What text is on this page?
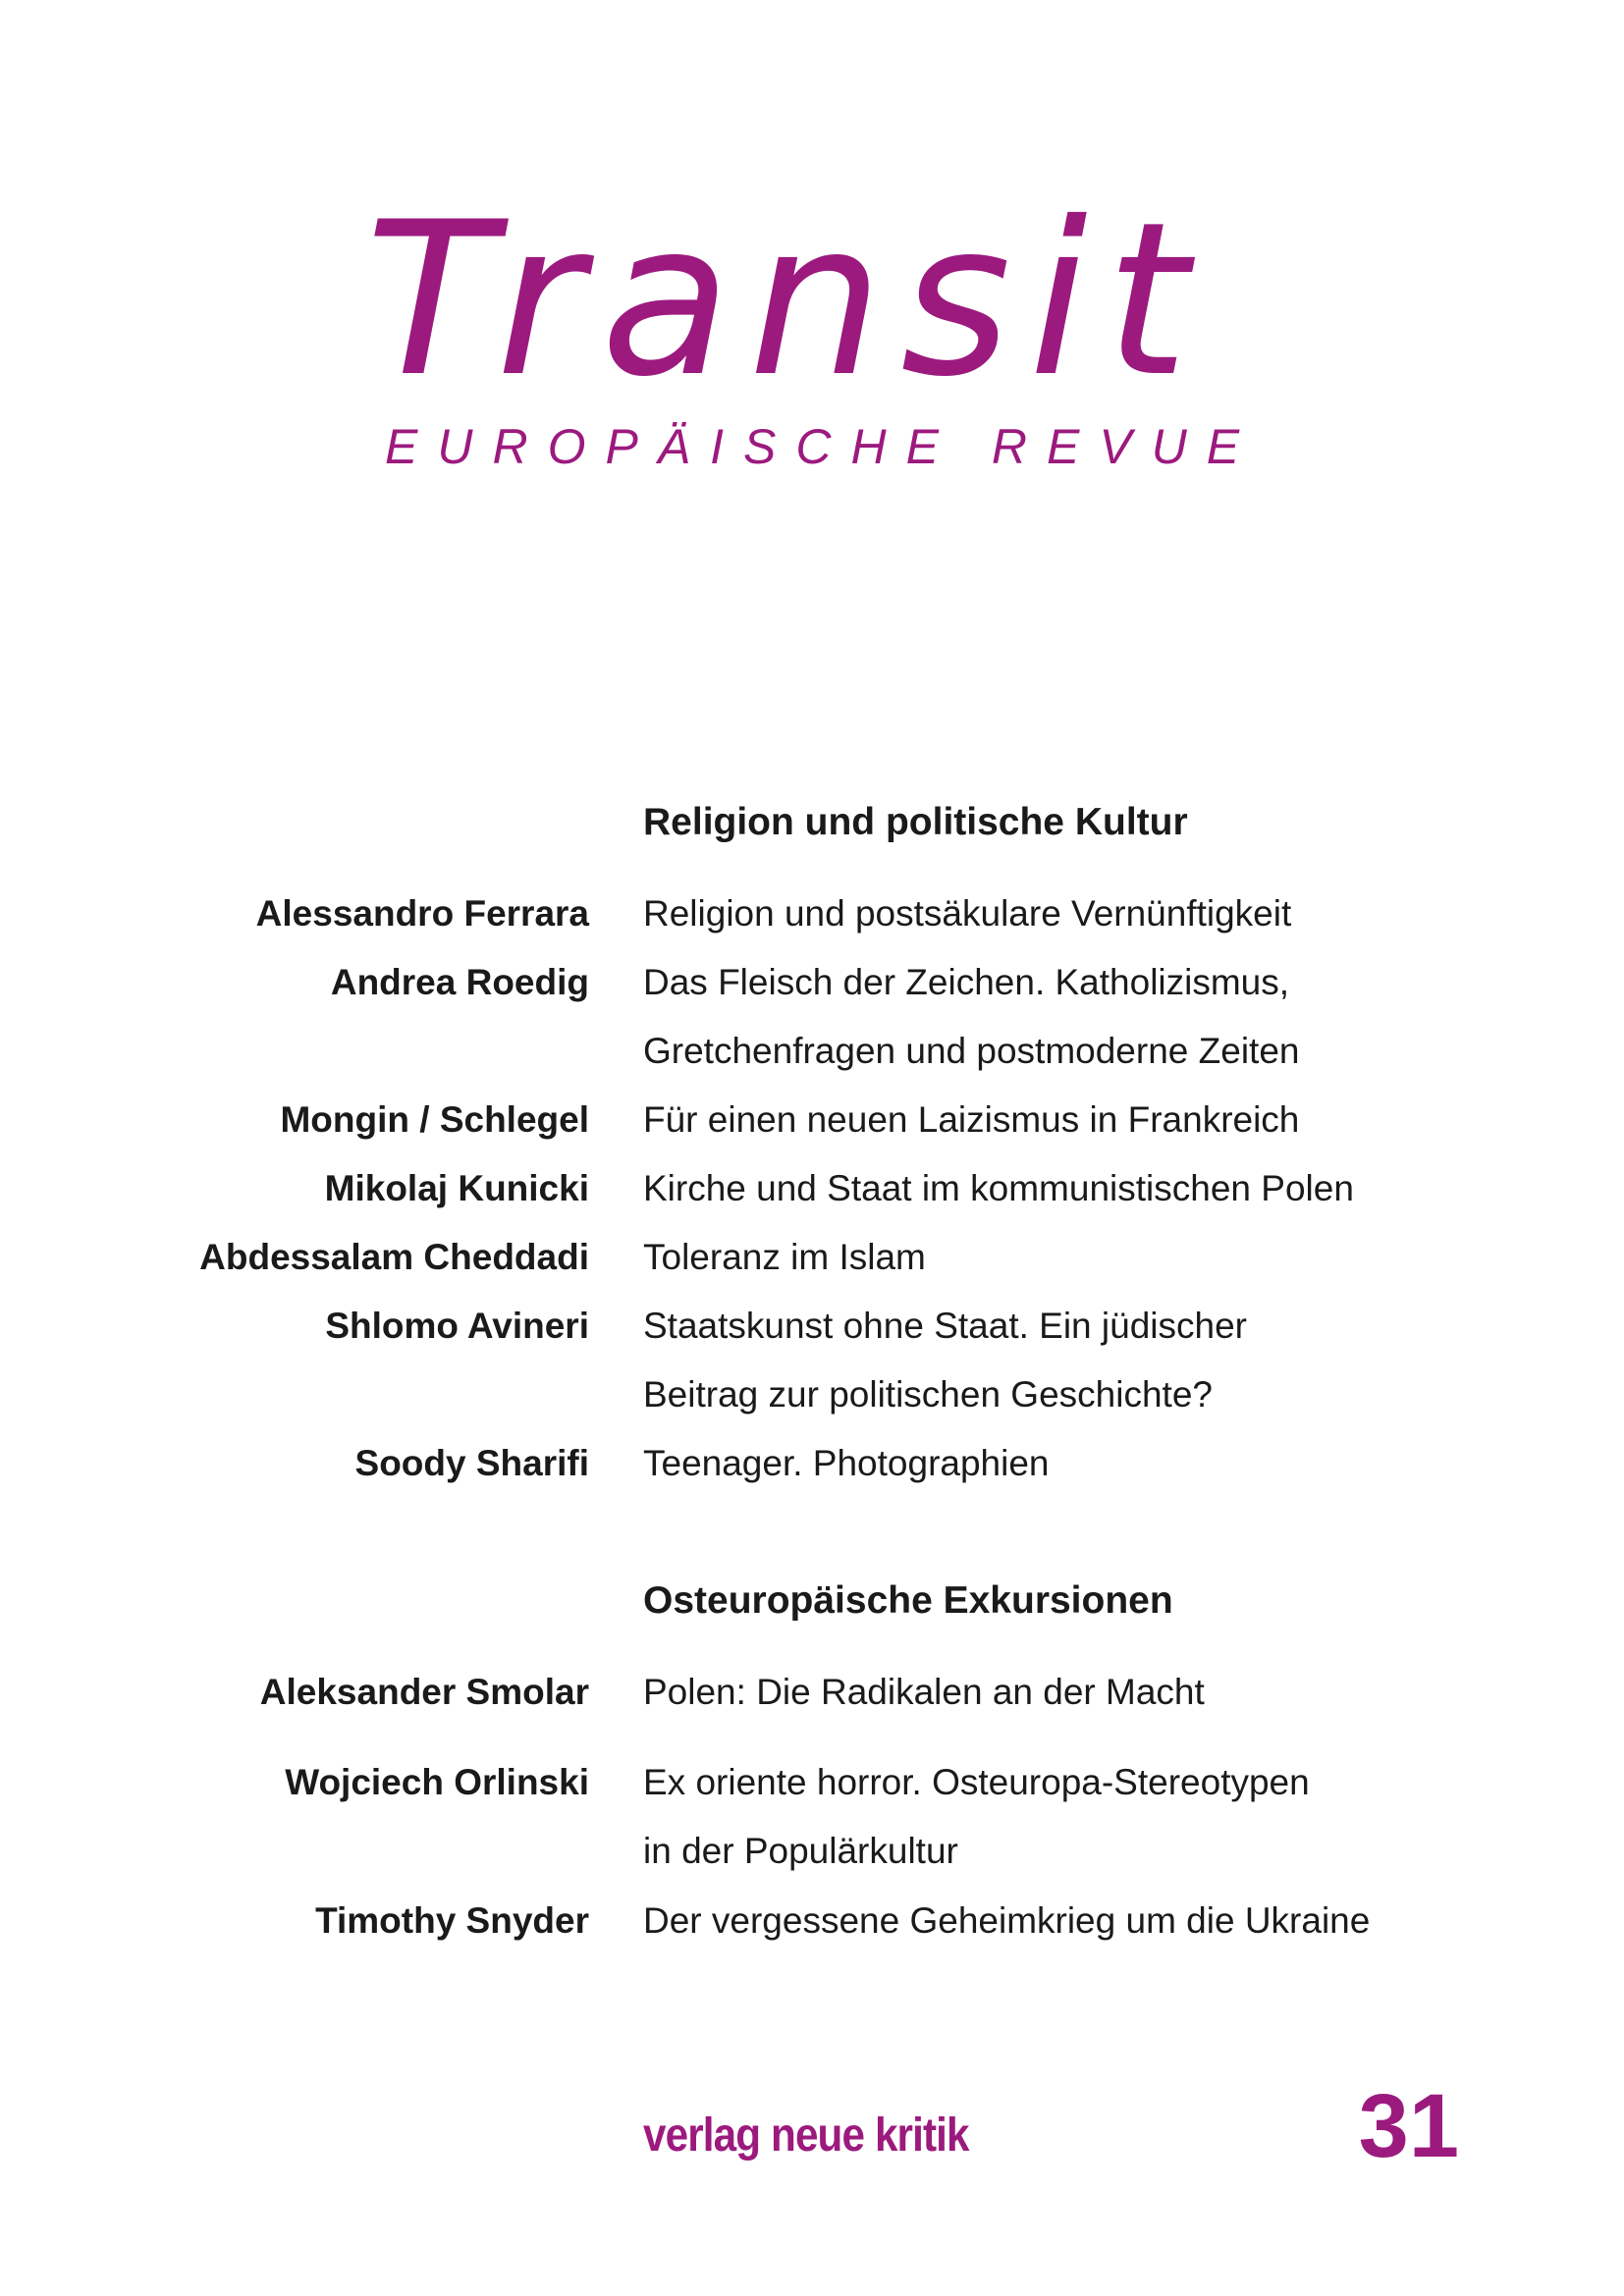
Transit
EUROPÄISCHE REVUE
Religion und politische Kultur
Alessandro Ferrara Religion und postsäkulare Vernünftigkeit
Andrea Roedig Das Fleisch der Zeichen. Katholizismus,
Gretchenfragen und postmoderne Zeiten
Mongin / Schlegel Für einen neuen Laizismus in Frankreich
Mikolaj Kunicki Kirche und Staat im kommunistischen Polen
Abdessalam Cheddadi Toleranz im Islam
Shlomo Avineri Staatskunst ohne Staat. Ein jüdischer
Beitrag zur politischen Geschichte?
Soody Sharifi Teenager. Photographien
Osteuropäische Exkursionen
Aleksander Smolar Polen: Die Radikalen an der Macht
Wojciech Orlinski Ex oriente horror. Osteuropa-Stereotypen
in der Populärkultur
Timothy Snyder Der vergessene Geheimkrieg um die Ukraine
verlag neue kritik	31
